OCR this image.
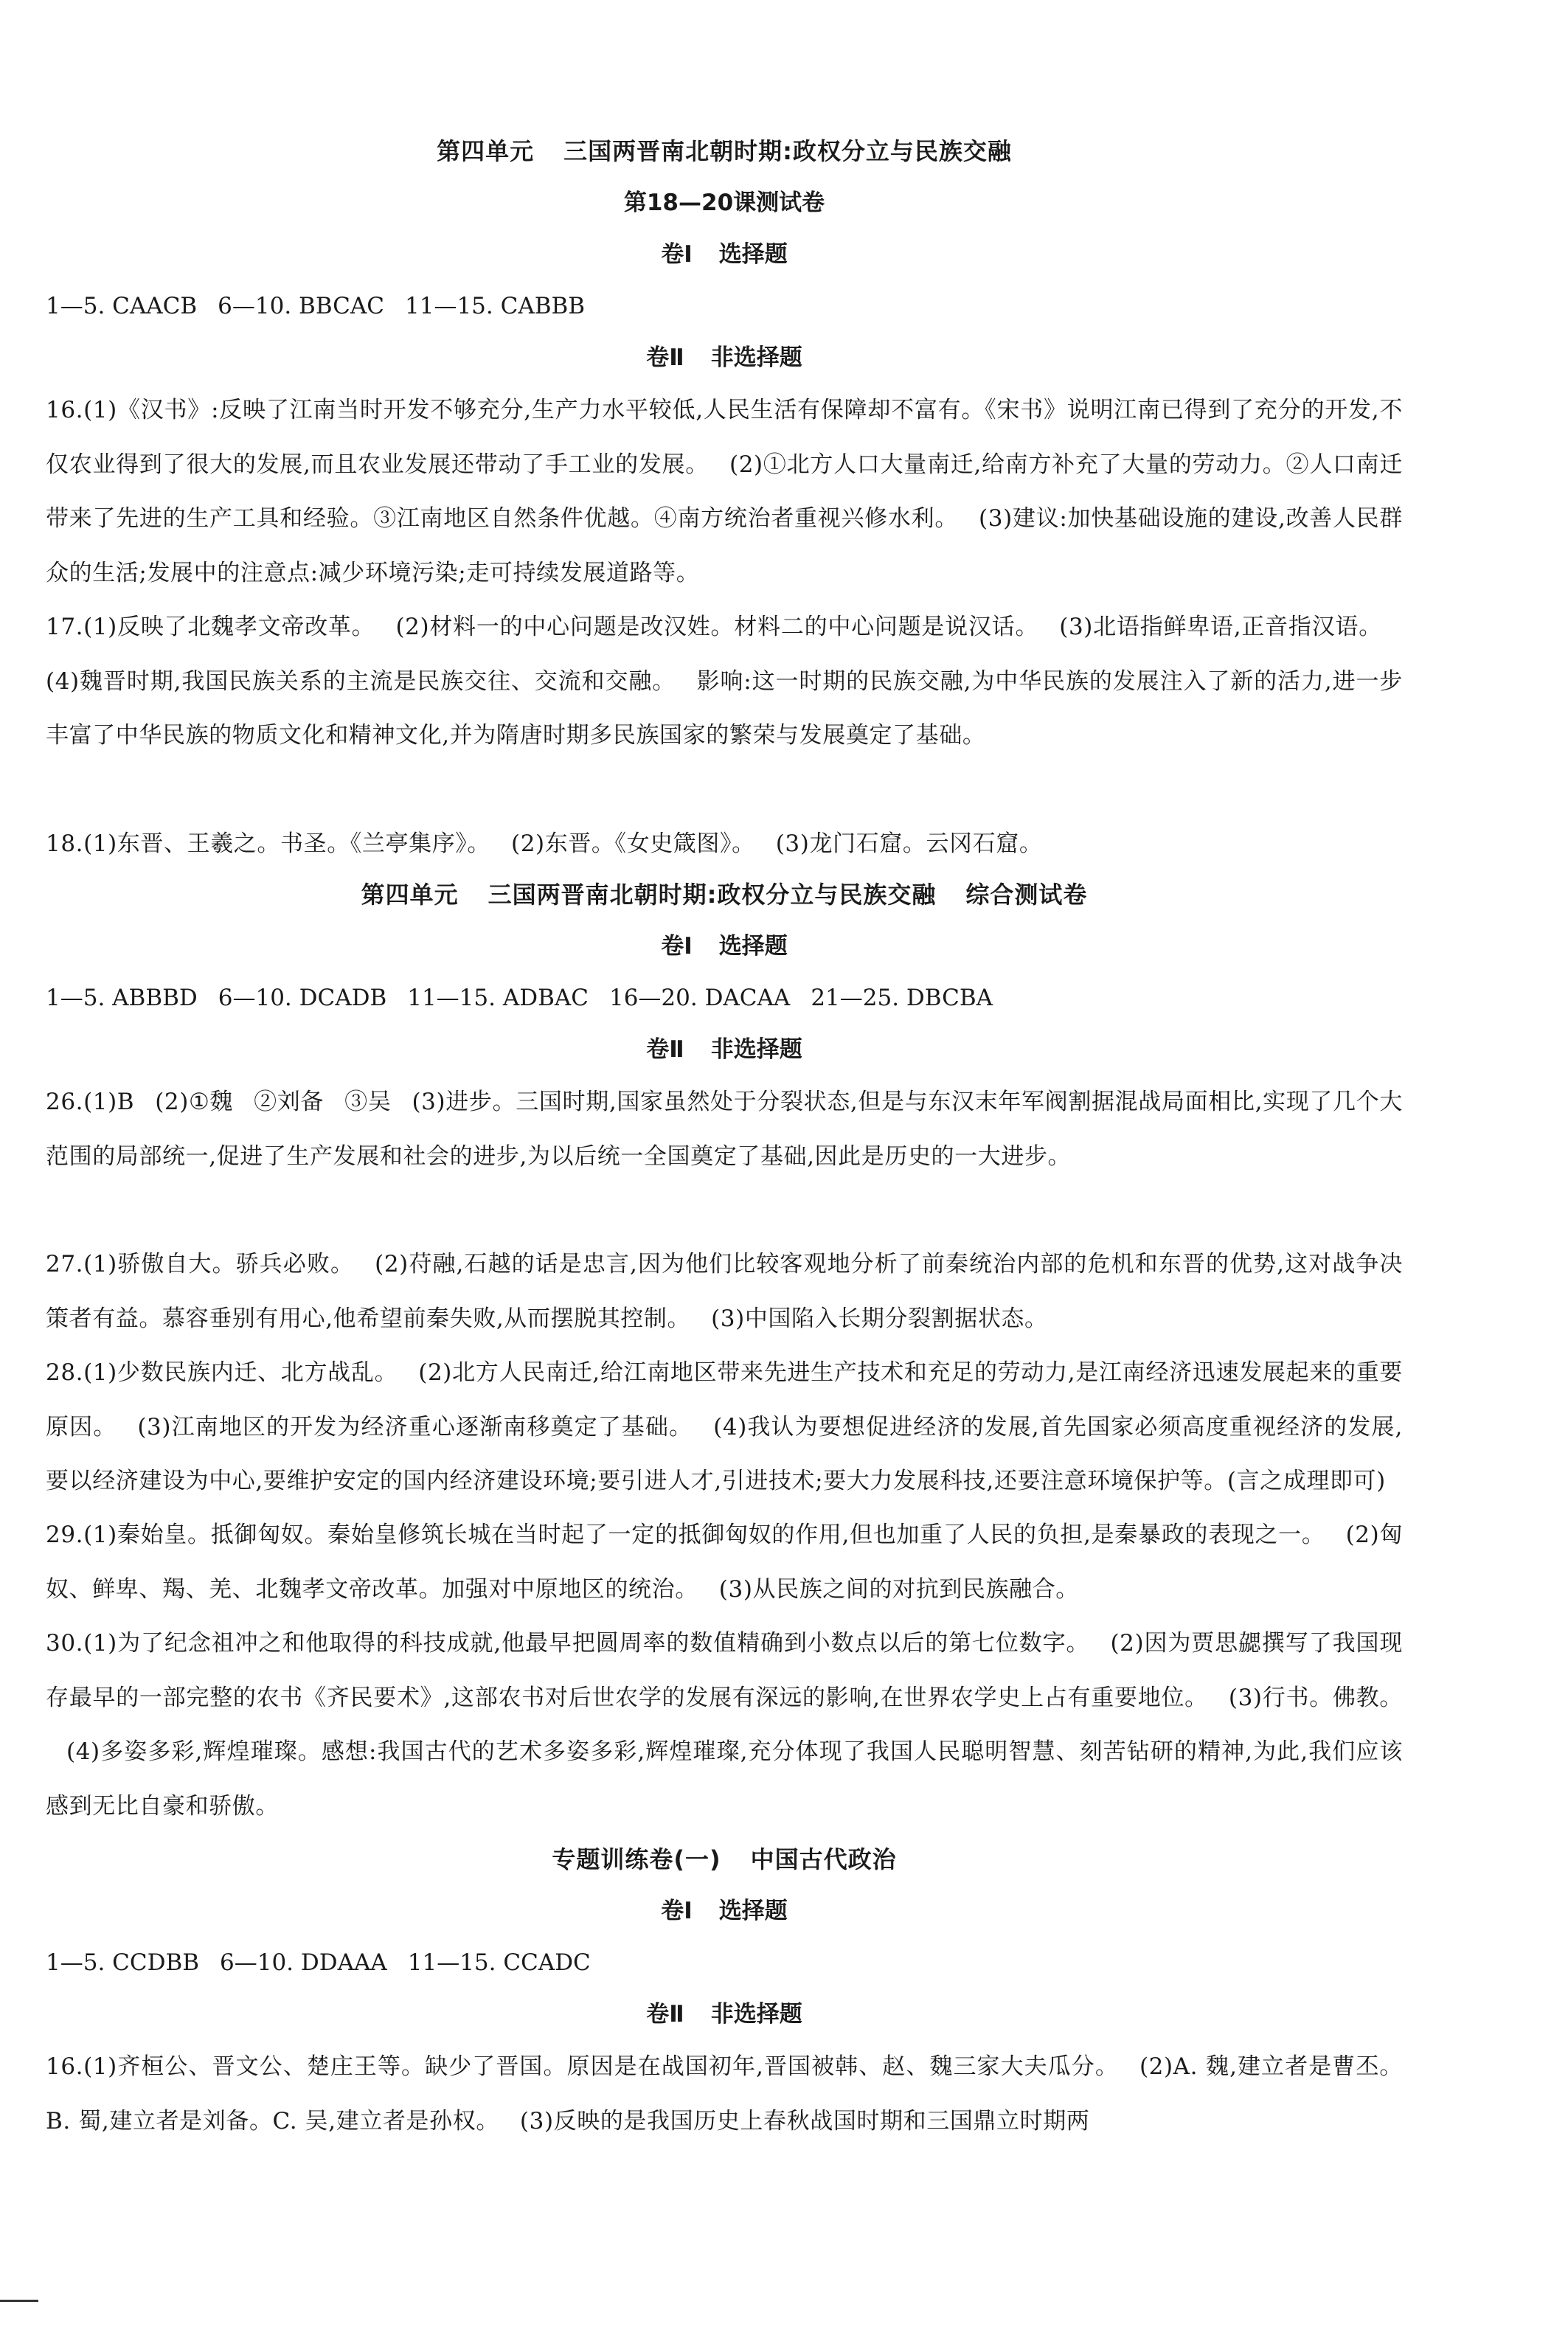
第四单元 三国两晋南北朝时期:政权分立与民族交融
第18—20课测试卷
卷Ⅰ 选择题
1—5. CAACB 6—10. BBCAC 11—15. CABBB
卷Ⅱ 非选择题

16.(1)《汉书》:反映了江南当时开发不够充分,生产力水平较低,人民生活有保障却不富有。《宋书》说明江南已得到了充分的开发,不仅农业得到了很大的发展,而且农业发展还带动了手工业的发展。 (2)①北方人口大量南迁,给南方补充了大量的劳动力。②人口南迁带来了先进的生产工具和经验。③江南地区自然条件优越。④南方统治者重视兴修水利。 (3)建议:加快基础设施的建设,改善人民群众的生活;发展中的注意点:减少环境污染;走可持续发展道路等。

17.(1)反映了北魏孝文帝改革。 (2)材料一的中心问题是改汉姓。材料二的中心问题是说汉话。 (3)北语指鲜卑语,正音指汉语。(4)魏晋时期,我国民族关系的主流是民族交往、交流和交融。 影响:这一时期的民族交融,为中华民族的发展注入了新的活力,进一步丰富了中华民族的物质文化和精神文化,并为隋唐时期多民族国家的繁荣与发展奠定了基础。

18.(1)东晋、王羲之。书圣。《兰亭集序》。 (2)东晋。《女史箴图》。 (3)龙门石窟。云冈石窟。

第四单元 三国两晋南北朝时期:政权分立与民族交融 综合测试卷
卷Ⅰ 选择题
1—5. ABBBD 6—10. DCADB 11—15. ADBAC 16—20. DACAA 21—25. DBCBA
卷Ⅱ 非选择题

26.(1)B (2)①魏 ②刘备 ③吴 (3)进步。三国时期,国家虽然处于分裂状态,但是与东汉末年军阀割据混战局面相比,实现了几个大范围的局部统一,促进了生产发展和社会的进步,为以后统一全国奠定了基础,因此是历史的一大进步。

27.(1)骄傲自大。骄兵必败。 (2)苻融,石越的话是忠言,因为他们比较客观地分析了前秦统治内部的危机和东晋的优势,这对战争决策者有益。慕容垂别有用心,他希望前秦失败,从而摆脱其控制。 (3)中国陷入长期分裂割据状态。

28.(1)少数民族内迁、北方战乱。 (2)北方人民南迁,给江南地区带来先进生产技术和充足的劳动力,是江南经济迅速发展起来的重要原因。 (3)江南地区的开发为经济重心逐渐南移奠定了基础。 (4)我认为要想促进经济的发展,首先国家必须高度重视经济的发展,要以经济建设为中心,要维护安定的国内经济建设环境;要引进人才,引进技术;要大力发展科技,还要注意环境保护等。(言之成理即可)

29.(1)秦始皇。抵御匈奴。秦始皇修筑长城在当时起了一定的抵御匈奴的作用,但也加重了人民的负担,是秦暴政的表现之一。 (2)匈奴、鲜卑、羯、羌、北魏孝文帝改革。加强对中原地区的统治。 (3)从民族之间的对抗到民族融合。

30.(1)为了纪念祖冲之和他取得的科技成就,他最早把圆周率的数值精确到小数点以后的第七位数字。 (2)因为贾思勰撰写了我国现存最早的一部完整的农书《齐民要术》,这部农书对后世农学的发展有深远的影响,在世界农学史上占有重要地位。 (3)行书。佛教。(4)多姿多彩,辉煌璀璨。感想:我国古代的艺术多姿多彩,辉煌璀璨,充分体现了我国人民聪明智慧、刻苦钻研的精神,为此,我们应该感到无比自豪和骄傲。

专题训练卷(一) 中国古代政治
卷Ⅰ 选择题
1—5. CCDBB 6—10. DDAAA 11—15. CCADC
卷Ⅱ 非选择题

16.(1)齐桓公、晋文公、楚庄王等。缺少了晋国。原因是在战国初年,晋国被韩、赵、魏三家大夫瓜分。 (2)A. 魏,建立者是曹丕。B. 蜀,建立者是刘备。C. 吴,建立者是孙权。 (3)反映的是我国历史上春秋战国时期和三国鼎立时期两
